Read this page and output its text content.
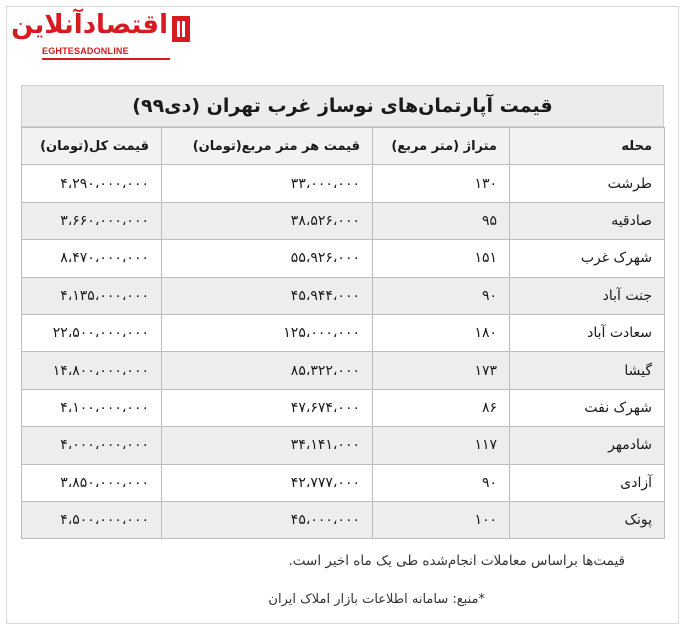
اقتصادآنلاین
EGHTESADONLINE
قیمت آپارتمان‌های نوساز غرب تهران (دی۹۹)
محله	متراژ (متر مربع)	قیمت هر متر مربع(تومان)	قیمت کل(تومان)
طرشت	۱۳۰	۳۳،۰۰۰،۰۰۰	۴،۲۹۰،۰۰۰،۰۰۰
صادقیه	۹۵	۳۸،۵۲۶،۰۰۰	۳،۶۶۰،۰۰۰،۰۰۰
شهرک غرب	۱۵۱	۵۵،۹۲۶،۰۰۰	۸،۴۷۰،۰۰۰،۰۰۰
جنت آباد	۹۰	۴۵،۹۴۴،۰۰۰	۴،۱۳۵،۰۰۰،۰۰۰
سعادت آباد	۱۸۰	۱۲۵،۰۰۰،۰۰۰	۲۲،۵۰۰،۰۰۰،۰۰۰
گیشا	۱۷۳	۸۵،۳۲۲،۰۰۰	۱۴،۸۰۰،۰۰۰،۰۰۰
شهرک نفت	۸۶	۴۷،۶۷۴،۰۰۰	۴،۱۰۰،۰۰۰،۰۰۰
شادمهر	۱۱۷	۳۴،۱۴۱،۰۰۰	۴،۰۰۰،۰۰۰،۰۰۰
آزادی	۹۰	۴۲،۷۷۷،۰۰۰	۳،۸۵۰،۰۰۰،۰۰۰
پونک	۱۰۰	۴۵،۰۰۰،۰۰۰	۴،۵۰۰،۰۰۰،۰۰۰
قیمت‌ها براساس معاملات انجام‌شده طی یک ماه اخیر است.
*منبع: سامانه اطلاعات بازار املاک ایران
